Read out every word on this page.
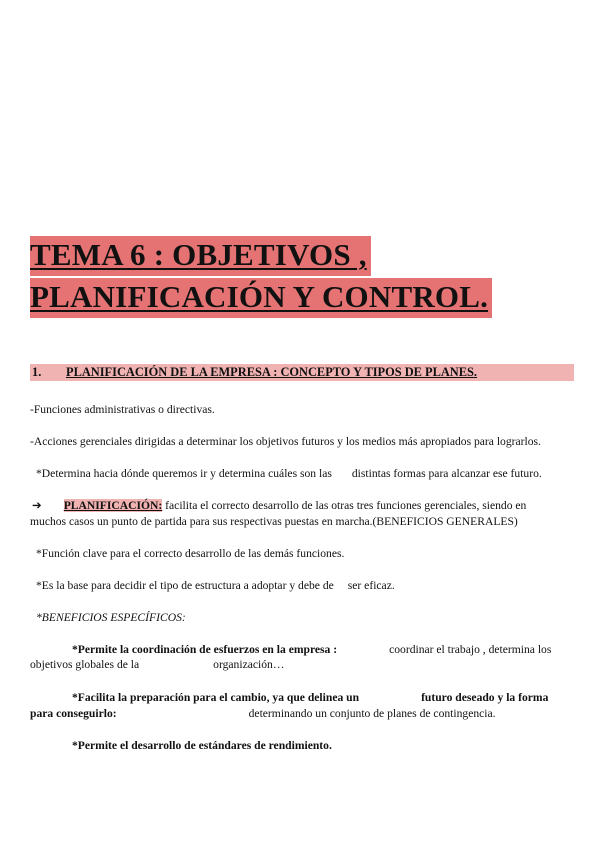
TEMA 6 : OBJETIVOS ,
PLANIFICACIÓN Y CONTROL.
1. PLANIFICACIÓN DE LA EMPRESA : CONCEPTO Y TIPOS DE PLANES.
-Funciones administrativas o directivas.
-Acciones gerenciales dirigidas a determinar los objetivos futuros y los medios más apropiados para lograrlos.
*Determina hacia dónde queremos ir y determina cuáles son las distintas formas para alcanzar ese futuro.
➔ PLANIFICACIÓN: facilita el correcto desarrollo de las otras tres funciones gerenciales, siendo en
muchos casos un punto de partida para sus respectivas puestas en marcha.(BENEFICIOS GENERALES)
*Función clave para el correcto desarrollo de las demás funciones.
*Es la base para decidir el tipo de estructura a adoptar y debe de ser eficaz.
*BENEFICIOS ESPECÍFICOS:
*Permite la coordinación de esfuerzos en la empresa :	coordinar el trabajo , determina los
objetivos globales de la	organización…
*Facilita la preparación para el cambio, ya que delinea un	futuro deseado y la forma
para conseguirlo:	determinando un conjunto de planes de contingencia.
*Permite el desarrollo de estándares de rendimiento.
